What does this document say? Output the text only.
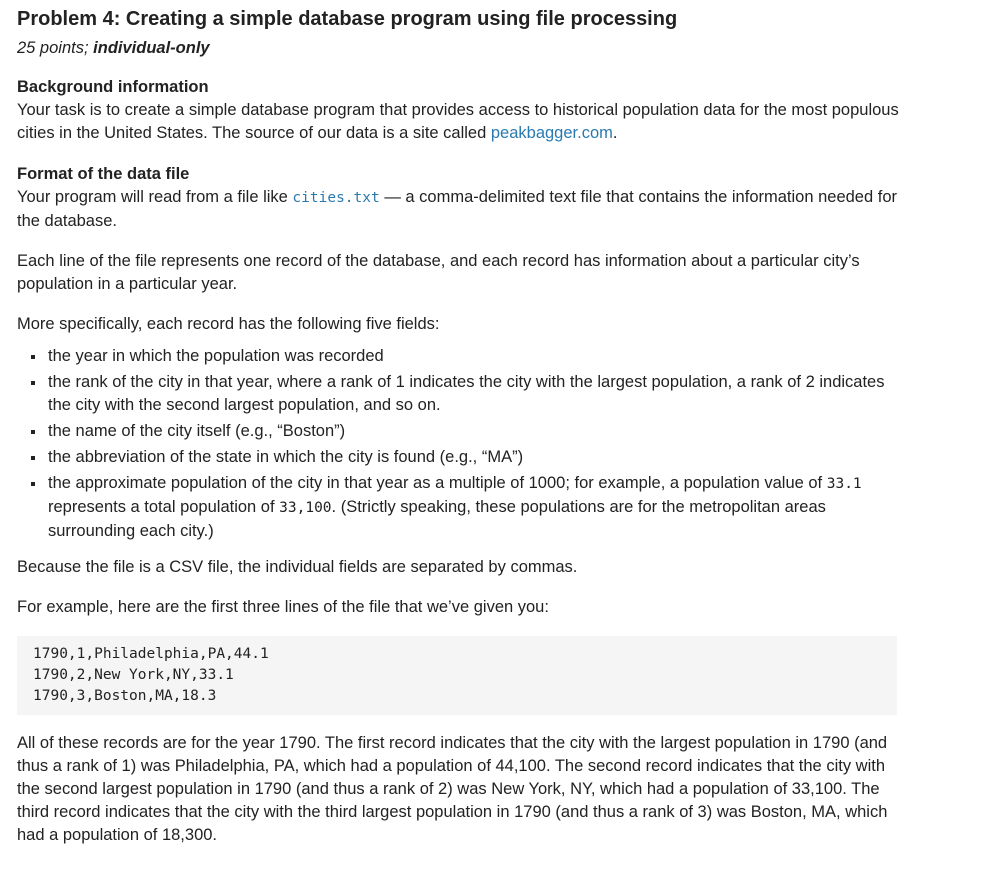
Problem 4: Creating a simple database program using file processing

25 points; individual-only

Background information

Your task is to create a simple database program that provides access to historical population data for the most populous cities in the United States. The source of our data is a site called peakbagger.com.

Format of the data file

Your program will read from a file like cities.txt — a comma-delimited text file that contains the information needed for the database.

Each line of the file represents one record of the database, and each record has information about a particular city’s population in a particular year.

More specifically, each record has the following five fields:

the year in which the population was recorded
the rank of the city in that year, where a rank of 1 indicates the city with the largest population, a rank of 2 indicates the city with the second largest population, and so on.
the name of the city itself (e.g., “Boston”)
the abbreviation of the state in which the city is found (e.g., “MA”)
the approximate population of the city in that year as a multiple of 1000; for example, a population value of 33.1 represents a total population of 33,100. (Strictly speaking, these populations are for the metropolitan areas surrounding each city.)

Because the file is a CSV file, the individual fields are separated by commas.

For example, here are the first three lines of the file that we’ve given you:

1790,1,Philadelphia,PA,44.1
1790,2,New York,NY,33.1
1790,3,Boston,MA,18.3

All of these records are for the year 1790. The first record indicates that the city with the largest population in 1790 (and thus a rank of 1) was Philadelphia, PA, which had a population of 44,100. The second record indicates that the city with the second largest population in 1790 (and thus a rank of 2) was New York, NY, which had a population of 33,100. The third record indicates that the city with the third largest population in 1790 (and thus a rank of 3) was Boston, MA, which had a population of 18,300.
